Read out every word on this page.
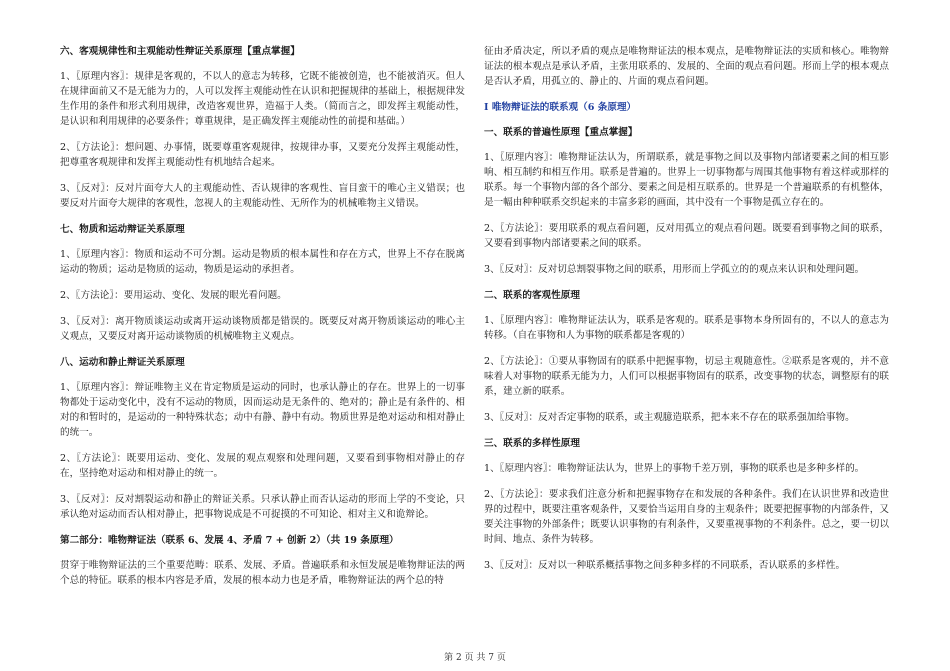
六、客观规律性和主观能动性辩证关系原理【重点掌握】

1、〖原理内容〗：规律是客观的，不以人的意志为转移，它既不能被创造，也不能被消灭。但人在规律面前又不是无能为力的，人可以发挥主观能动性在认识和把握规律的基础上，根据规律发生作用的条件和形式利用规律，改造客观世界，造福于人类。（简而言之，即发挥主观能动性，是认识和利用规律的必要条件；尊重规律，是正确发挥主观能动性的前提和基础。）

2、〖方法论〗：想问题、办事情，既要尊重客观规律，按规律办事，又要充分发挥主观能动性，把尊重客观规律和发挥主观能动性有机地结合起来。

3、〖反对〗：反对片面夸大人的主观能动性、否认规律的客观性、盲目蛮干的唯心主义错误；也要反对片面夸大规律的客观性，忽视人的主观能动性、无所作为的机械唯物主义错误。

七、物质和运动辩证关系原理

1、〖原理内容〗：物质和运动不可分割。运动是物质的根本属性和存在方式，世界上不存在脱离运动的物质；运动是物质的运动，物质是运动的承担者。

2、〖方法论〗：要用运动、变化、发展的眼光看问题。

3、〖反对〗：离开物质谈运动或离开运动谈物质都是错误的。既要反对离开物质谈运动的唯心主义观点，又要反对离开运动谈物质的机械唯物主义观点。

八、运动和静止辩证关系原理

1、〖原理内容〗：辩证唯物主义在肯定物质是运动的同时，也承认静止的存在。世界上的一切事物都处于运动变化中，没有不运动的物质，因而运动是无条件的、绝对的；静止是有条件的、相对的和暂时的，是运动的一种特殊状态；动中有静、静中有动。物质世界是绝对运动和相对静止的统一。

2、〖方法论〗：既要用运动、变化、发展的观点观察和处理问题，又要看到事物相对静止的存在，坚持绝对运动和相对静止的统一。

3、〖反对〗：反对割裂运动和静止的辩证关系。只承认静止而否认运动的形而上学的不变论，只承认绝对运动而否认相对静止，把事物说成是不可捉摸的不可知论、相对主义和诡辩论。

第二部分：唯物辩证法（联系 6、发展 4、矛盾 7 + 创新 2）（共 19 条原理）

贯穿于唯物辩证法的三个重要范畴：联系、发展、矛盾。普遍联系和永恒发展是唯物辩证法的两个总的特征。联系的根本内容是矛盾，发展的根本动力也是矛盾，唯物辩证法的两个总的特

征由矛盾决定，所以矛盾的观点是唯物辩证法的根本观点，是唯物辩证法的实质和核心。唯物辩证法的根本观点是承认矛盾，主张用联系的、发展的、全面的观点看问题。形而上学的根本观点是否认矛盾，用孤立的、静止的、片面的观点看问题。

Ⅰ 唯物辩证法的联系观（6 条原理）
一、联系的普遍性原理【重点掌握】

1、〖原理内容〗：唯物辩证法认为，所谓联系，就是事物之间以及事物内部诸要素之间的相互影响、相互制约和相互作用。联系是普遍的。世界上一切事物都与周围其他事物有着这样或那样的联系。每一个事物内部的各个部分、要素之间是相互联系的。世界是一个普遍联系的有机整体，是一幅由种种联系交织起来的丰富多彩的画面，其中没有一个事物是孤立存在的。

2、〖方法论〗：要用联系的观点看问题，反对用孤立的观点看问题。既要看到事物之间的联系，又要看到事物内部诸要素之间的联系。

3、〖反对〗：反对切总割裂事物之间的联系，用形而上学孤立的的观点来认识和处理问题。

二、联系的客观性原理

1、〖原理内容〗：唯物辩证法认为，联系是客观的。联系是事物本身所固有的，不以人的意志为转移。（自在事物和人为事物的联系都是客观的）

2、〖方法论〗：①要从事物固有的联系中把握事物，切忌主观随意性。②联系是客观的，并不意味着人对事物的联系无能为力，人们可以根据事物固有的联系，改变事物的状态，调整原有的联系，建立新的联系。

3、〖反对〗：反对否定事物的联系，或主观臆造联系，把本来不存在的联系强加给事物。

三、联系的多样性原理

1、〖原理内容〗：唯物辩证法认为，世界上的事物千差万别，事物的联系也是多种多样的。

2、〖方法论〗：要求我们注意分析和把握事物存在和发展的各种条件。我们在认识世界和改造世界的过程中，既要注重客观条件，又要恰当运用自身的主观条件；既要把握事物的内部条件，又要关注事物的外部条件；既要认识事物的有利条件，又要重视事物的不利条件。总之，要一切以时间、地点、条件为转移。

3、〖反对〗：反对以一种联系概括事物之间多种多样的不同联系，否认联系的多样性。

第 2 页 共 7 页
